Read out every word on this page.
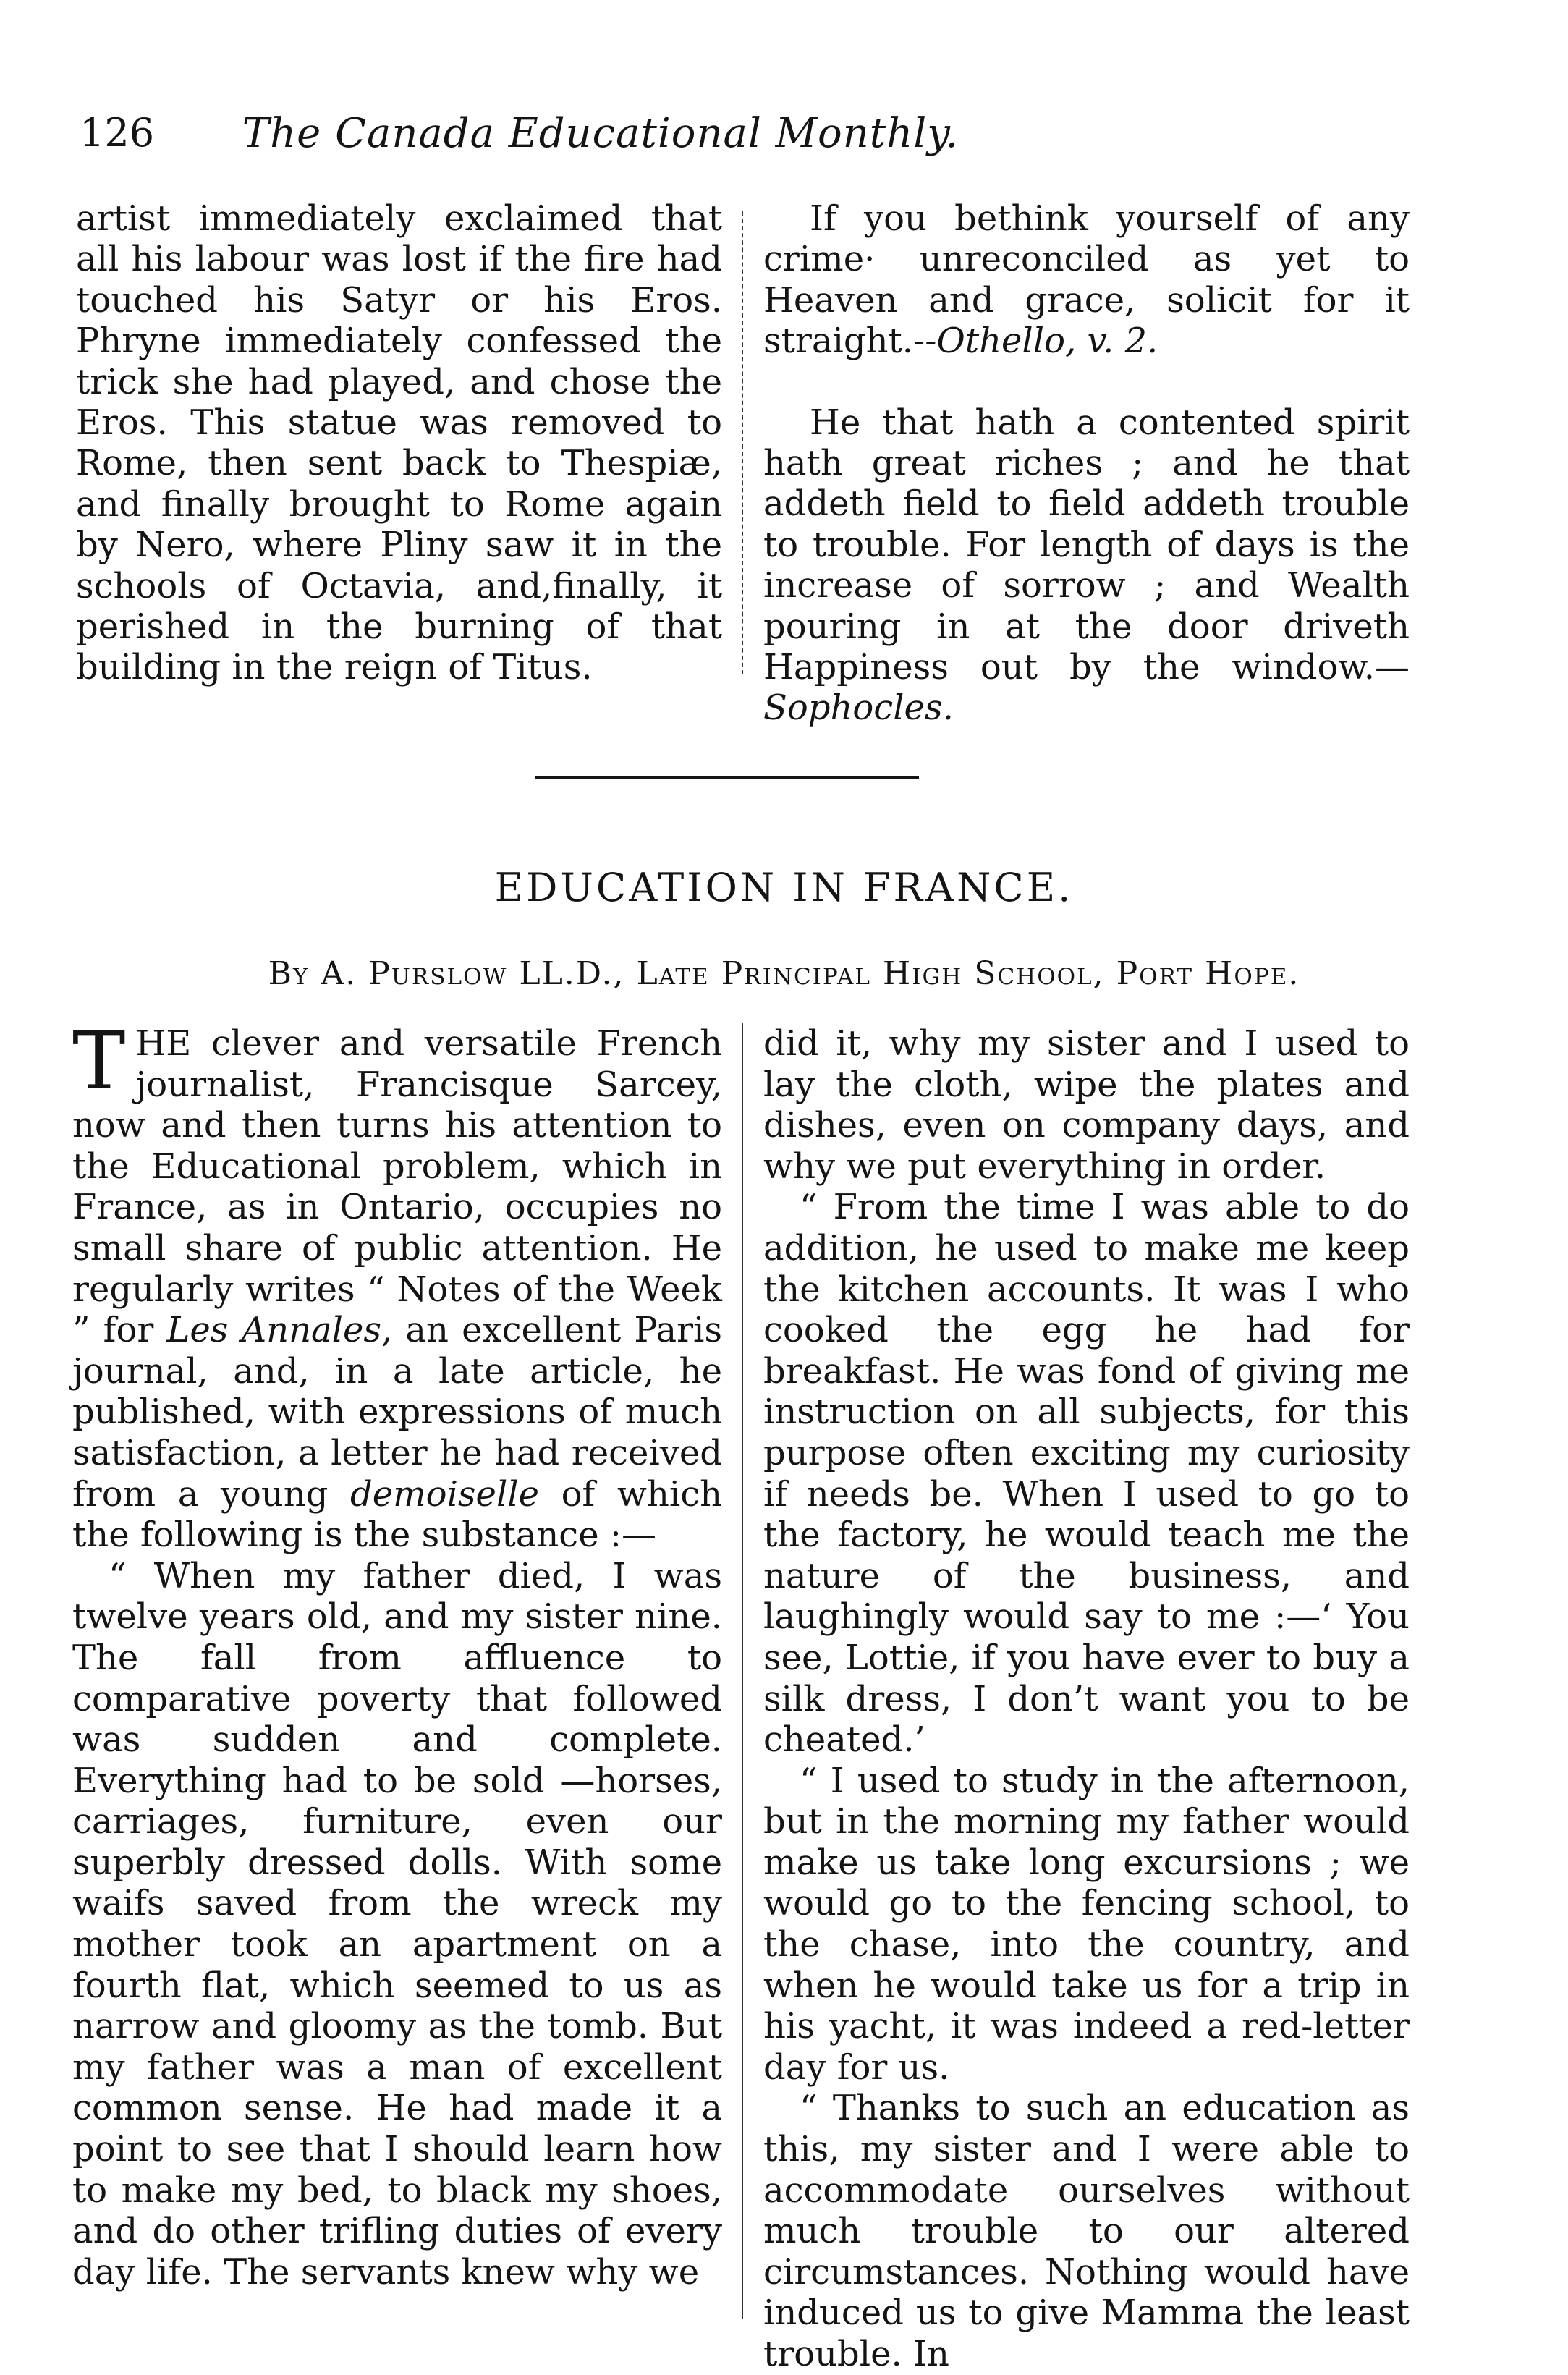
126	The Canada Educational Monthly.

artist immediately exclaimed that all his labour was lost if the fire had touched his Satyr or his Eros. Phryne immediately confessed the trick she had played, and chose the Eros. This statue was removed to Rome, then sent back to Thespiæ, and finally brought to Rome again by Nero, where Pliny saw it in the schools of Octavia, and,finally, it perished in the burning of that building in the reign of Titus.

If you bethink yourself of any crime· unreconciled as yet to Heaven and grace, solicit for it straight.--Othello, v. 2.

He that hath a contented spirit hath great riches ; and he that addeth field to field addeth trouble to trouble. For length of days is the increase of sorrow ; and Wealth pouring in at the door driveth Happiness out by the window.—Sophocles.

EDUCATION IN FRANCE.
By A. Purslow LL.D., Late Principal High School, Port Hope.

THE clever and versatile French journalist, Francisque Sarcey, now and then turns his attention to the Educational problem, which in France, as in Ontario, occupies no small share of public attention. He regularly writes “ Notes of the Week ” for Les Annales, an excellent Paris journal, and, in a late article, he published, with expressions of much satisfaction, a letter he had received from a young demoiselle of which the following is the substance :—

“ When my father died, I was twelve years old, and my sister nine. The fall from affluence to comparative poverty that followed was sudden and complete. Everything had to be sold —horses, carriages, furniture, even our superbly dressed dolls. With some waifs saved from the wreck my mother took an apartment on a fourth flat, which seemed to us as narrow and gloomy as the tomb. But my father was a man of excellent common sense. He had made it a point to see that I should learn how to make my bed, to black my shoes, and do other trifling duties of every day life. The servants knew why we

did it, why my sister and I used to lay the cloth, wipe the plates and dishes, even on company days, and why we put everything in order.

“ From the time I was able to do addition, he used to make me keep the kitchen accounts. It was I who cooked the egg he had for breakfast. He was fond of giving me instruction on all subjects, for this purpose often exciting my curiosity if needs be. When I used to go to the factory, he would teach me the nature of the business, and laughingly would say to me :—‘ You see, Lottie, if you have ever to buy a silk dress, I don’t want you to be cheated.’

“ I used to study in the afternoon, but in the morning my father would make us take long excursions ; we would go to the fencing school, to the chase, into the country, and when he would take us for a trip in his yacht, it was indeed a red-letter day for us.

“ Thanks to such an education as this, my sister and I were able to accommodate ourselves without much trouble to our altered circumstances. Nothing would have induced us to give Mamma the least trouble. In
